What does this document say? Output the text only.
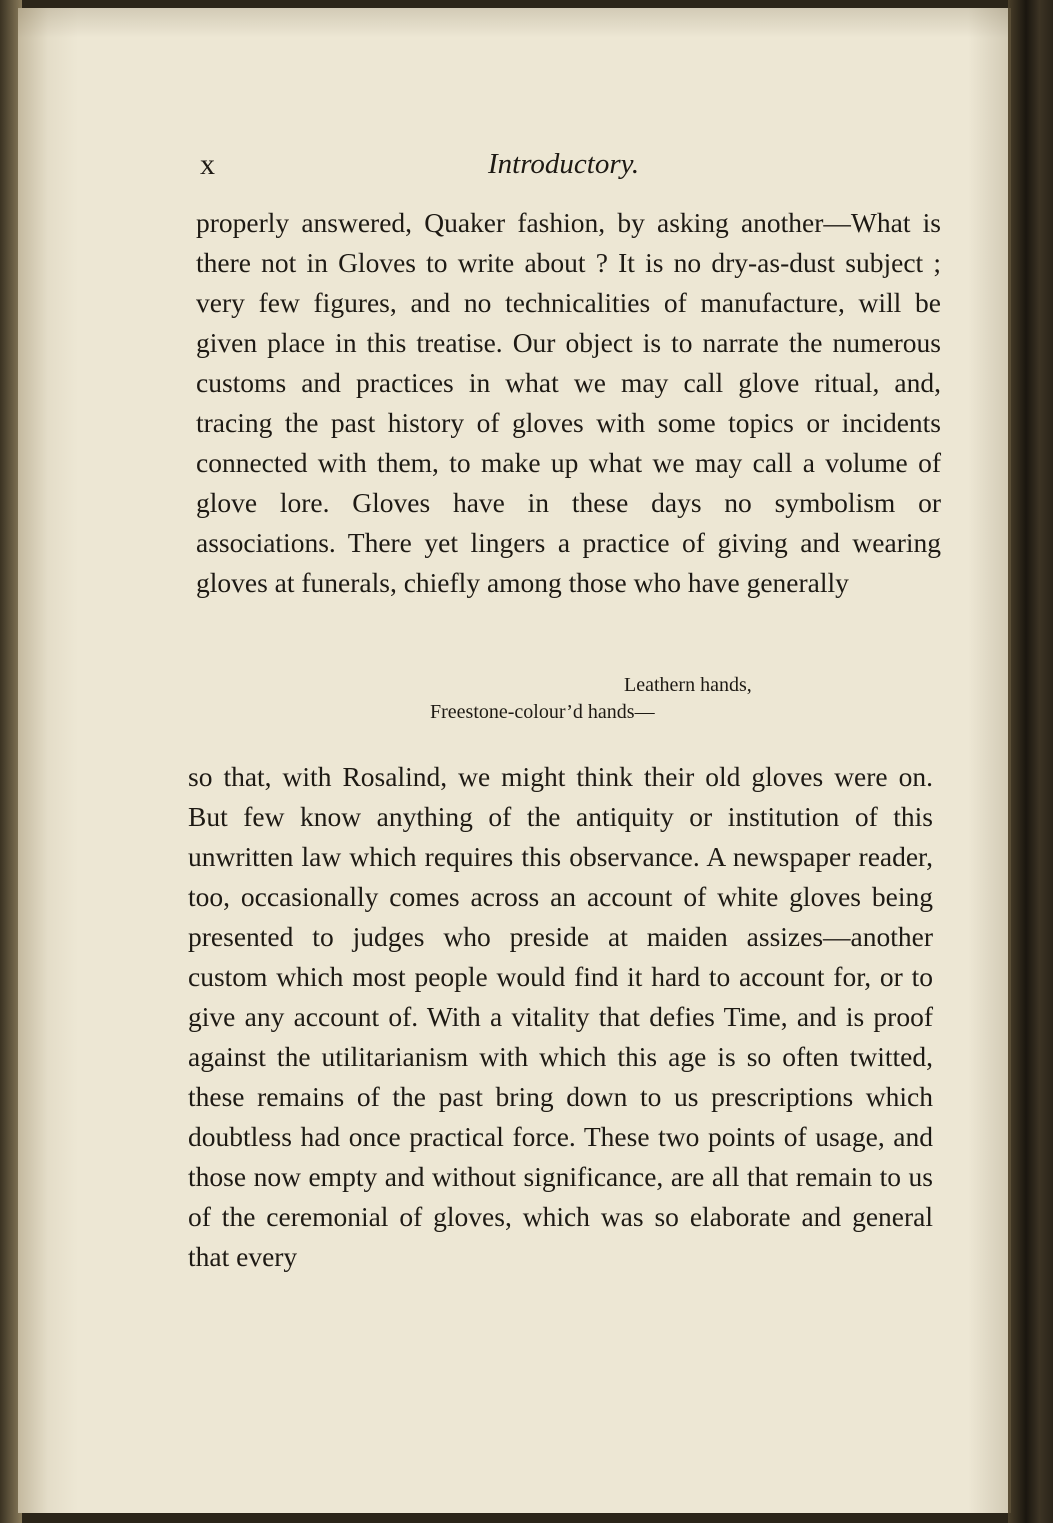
x	Introductory.

properly answered, Quaker fashion, by asking another—What is there not in Gloves to write about ? It is no dry-as-dust subject ; very few figures, and no technicalities of manufacture, will be given place in this treatise. Our object is to narrate the numerous customs and practices in what we may call glove ritual, and, tracing the past history of gloves with some topics or incidents connected with them, to make up what we may call a volume of glove lore. Gloves have in these days no symbolism or associations. There yet lingers a practice of giving and wearing gloves at funerals, chiefly among those who have generally

Leathern hands,
Freestone-colour’d hands—

so that, with Rosalind, we might think their old gloves were on. But few know anything of the antiquity or institution of this unwritten law which requires this observance. A newspaper reader, too, occasionally comes across an account of white gloves being presented to judges who preside at maiden assizes—another custom which most people would find it hard to account for, or to give any account of. With a vitality that defies Time, and is proof against the utilitarianism with which this age is so often twitted, these remains of the past bring down to us prescriptions which doubtless had once practical force. These two points of usage, and those now empty and without significance, are all that remain to us of the ceremonial of gloves, which was so elaborate and general that every
